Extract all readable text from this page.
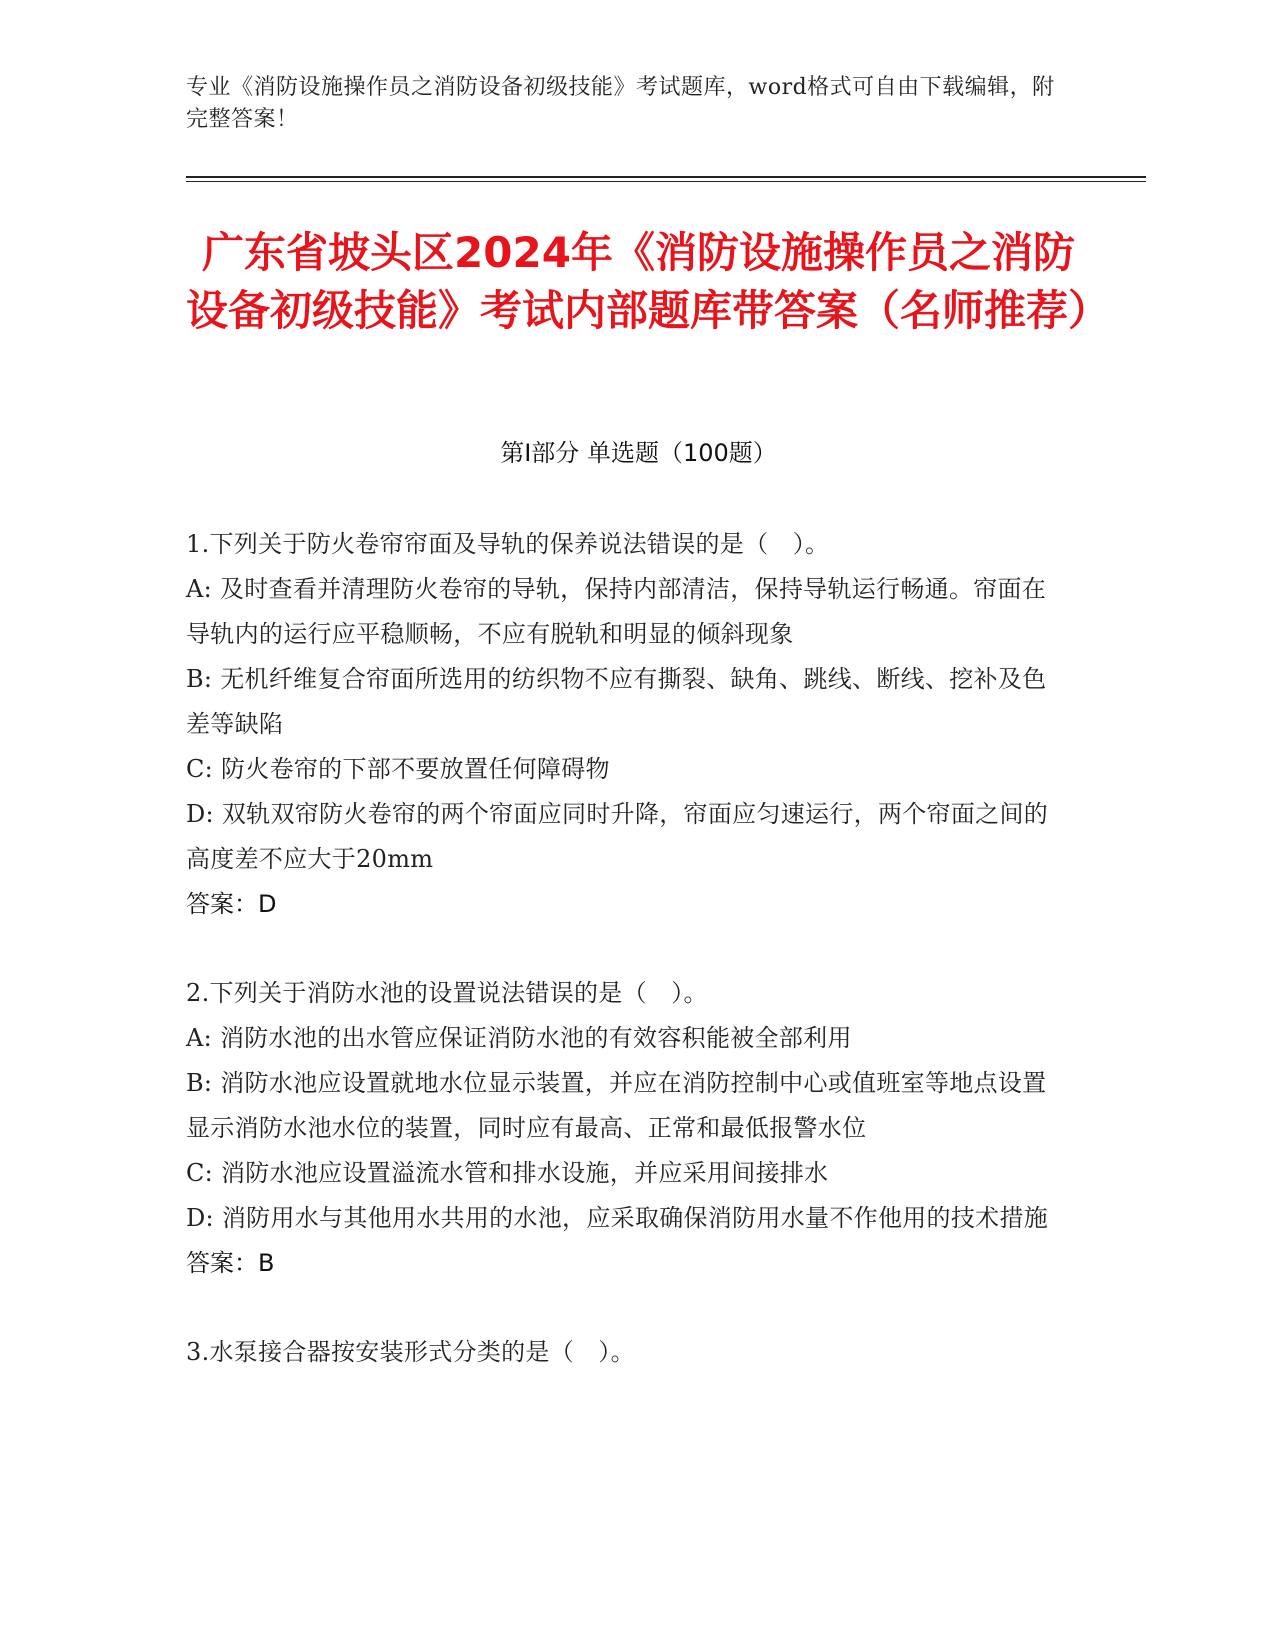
专业《消防设施操作员之消防设备初级技能》考试题库，word格式可自由下载编辑，附完整答案！
广东省坡头区2024年《消防设施操作员之消防设备初级技能》考试内部题库带答案（名师推荐）
第Ⅰ部分 单选题（100题）
1.下列关于防火卷帘帘面及导轨的保养说法错误的是（　）。
A: 及时查看并清理防火卷帘的导轨，保持内部清洁，保持导轨运行畅通。帘面在导轨内的运行应平稳顺畅，不应有脱轨和明显的倾斜现象
B: 无机纤维复合帘面所选用的纺织物不应有撕裂、缺角、跳线、断线、挖补及色差等缺陷
C: 防火卷帘的下部不要放置任何障碍物
D: 双轨双帘防火卷帘的两个帘面应同时升降，帘面应匀速运行，两个帘面之间的高度差不应大于20mm
答案：D
2.下列关于消防水池的设置说法错误的是（　）。
A: 消防水池的出水管应保证消防水池的有效容积能被全部利用
B: 消防水池应设置就地水位显示装置，并应在消防控制中心或值班室等地点设置显示消防水池水位的装置，同时应有最高、正常和最低报警水位
C: 消防水池应设置溢流水管和排水设施，并应采用间接排水
D: 消防用水与其他用水共用的水池，应采取确保消防用水量不作他用的技术措施
答案：B
3.水泵接合器按安装形式分类的是（　）。
